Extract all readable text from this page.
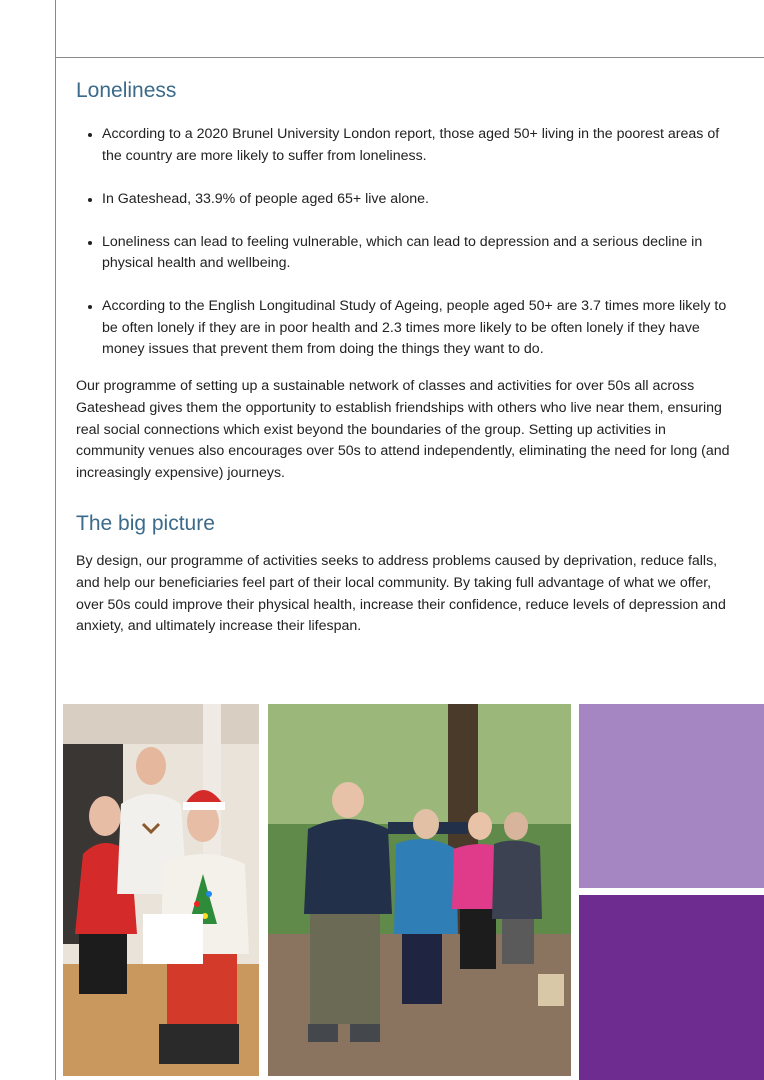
Loneliness
• According to a 2020 Brunel University London report, those aged 50+ living in the poorest areas of the country are more likely to suffer from loneliness.
• In Gateshead, 33.9% of people aged 65+ live alone.
• Loneliness can lead to feeling vulnerable, which can lead to depression and a serious decline in physical health and wellbeing.
• According to the English Longitudinal Study of Ageing, people aged 50+ are 3.7 times more likely to be often lonely if they are in poor health and 2.3 times more likely to be often lonely if they have money issues that prevent them from doing the things they want to do.

Our programme of setting up a sustainable network of classes and activities for over 50s all across Gateshead gives them the opportunity to establish friendships with others who live near them, ensuring real social connections which exist beyond the boundaries of the group. Setting up activities in community venues also encourages over 50s to attend independently, eliminating the need for long (and increasingly expensive) journeys.

The big picture

By design, our programme of activities seeks to address problems caused by deprivation, reduce falls, and help our beneficiaries feel part of their local community. By taking full advantage of what we offer, over 50s could improve their physical health, increase their confidence, reduce levels of depression and anxiety, and ultimately increase their lifespan.
